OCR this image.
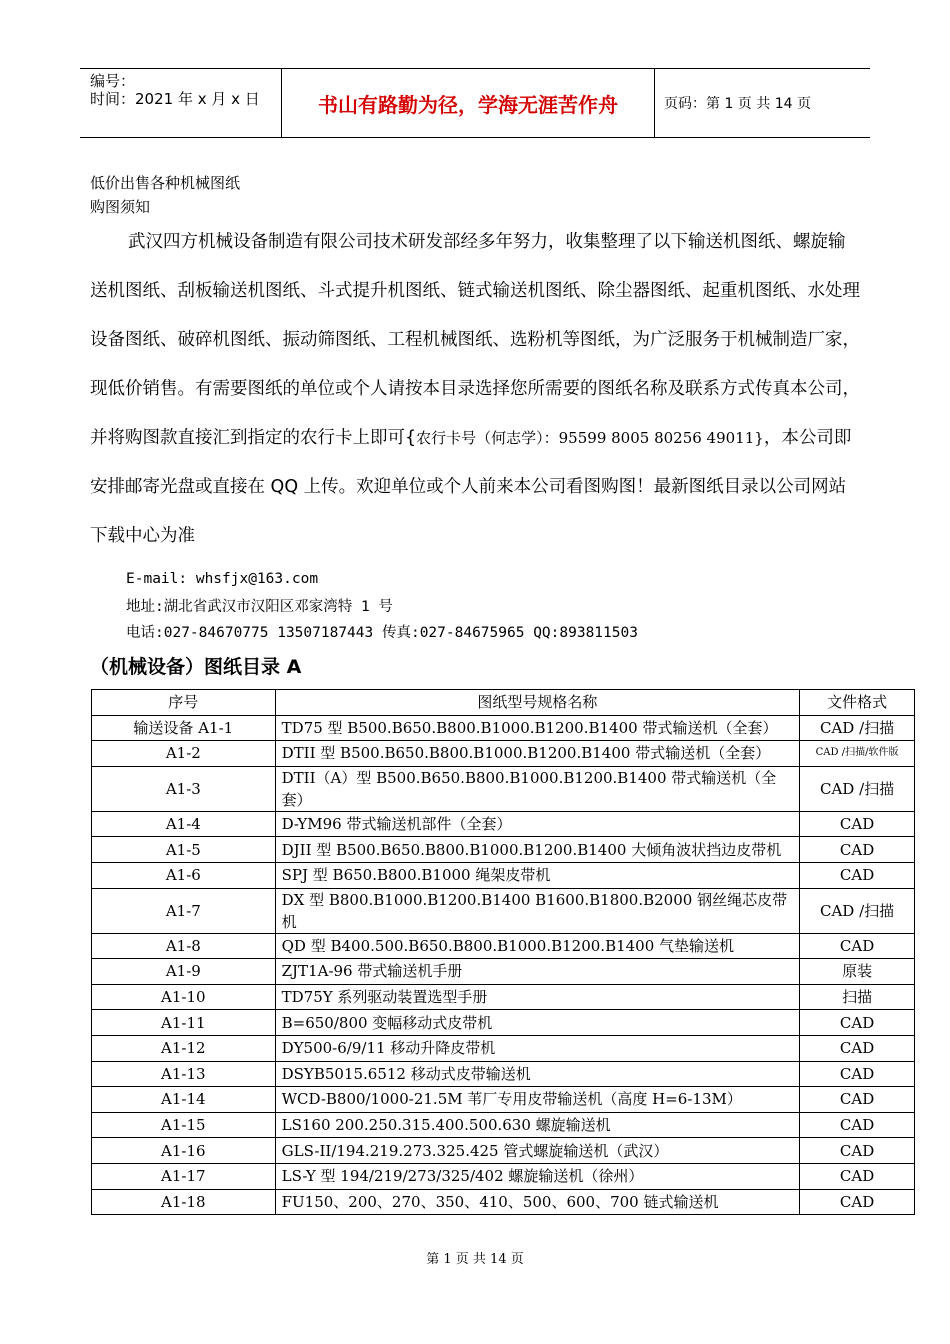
编号：
时间：2021 年 x 月 x 日	书山有路勤为径，学海无涯苦作舟	页码：第 1 页 共 14 页
低价出售各种机械图纸
购图须知
武汉四方机械设备制造有限公司技术研发部经多年努力，收集整理了以下输送机图纸、螺旋输送机图纸、刮板输送机图纸、斗式提升机图纸、链式输送机图纸、除尘器图纸、起重机图纸、水处理设备图纸、破碎机图纸、振动筛图纸、工程机械图纸、选粉机等图纸，为广泛服务于机械制造厂家，现低价销售。有需要图纸的单位或个人请按本目录选择您所需要的图纸名称及联系方式传真本公司，并将购图款直接汇到指定的农行卡上即可{农行卡号（何志学）：95599 8005 80256 49011}，本公司即安排邮寄光盘或直接在 QQ 上传。欢迎单位或个人前来本公司看图购图！最新图纸目录以公司网站下载中心为准
E-mail: whsfjx@163.com
地址:湖北省武汉市汉阳区邓家湾特 1 号
电话:027-84670775 13507187443 传真:027-84675965 QQ:893811503
（机械设备）图纸目录 A
序号	图纸型号规格名称	文件格式
输送设备 A1-1	TD75 型 B500.B650.B800.B1000.B1200.B1400 带式输送机（全套）	CAD /扫描
A1-2	DTII 型 B500.B650.B800.B1000.B1200.B1400 带式输送机（全套）	CAD /扫描/软件版
A1-3	DTII（A）型 B500.B650.B800.B1000.B1200.B1400 带式输送机（全套）	CAD /扫描
A1-4	D-YM96 带式输送机部件（全套）	CAD
A1-5	DJII 型 B500.B650.B800.B1000.B1200.B1400 大倾角波状挡边皮带机	CAD
A1-6	SPJ 型 B650.B800.B1000 绳架皮带机	CAD
A1-7	DX 型 B800.B1000.B1200.B1400 B1600.B1800.B2000 钢丝绳芯皮带机	CAD /扫描
A1-8	QD 型 B400.500.B650.B800.B1000.B1200.B1400 气垫输送机	CAD
A1-9	ZJT1A-96 带式输送机手册	原装
A1-10	TD75Y 系列驱动装置选型手册	扫描
A1-11	B=650/800 变幅移动式皮带机	CAD
A1-12	DY500-6/9/11 移动升降皮带机	CAD
A1-13	DSYB5015.6512 移动式皮带输送机	CAD
A1-14	WCD-B800/1000-21.5M 苇厂专用皮带输送机（高度 H=6-13M）	CAD
A1-15	LS160 200.250.315.400.500.630 螺旋输送机	CAD
A1-16	GLS-II/194.219.273.325.425 管式螺旋输送机（武汉）	CAD
A1-17	LS-Y 型 194/219/273/325/402 螺旋输送机（徐州）	CAD
A1-18	FU150、200、270、350、410、500、600、700 链式输送机	CAD
第 1 页 共 14 页
